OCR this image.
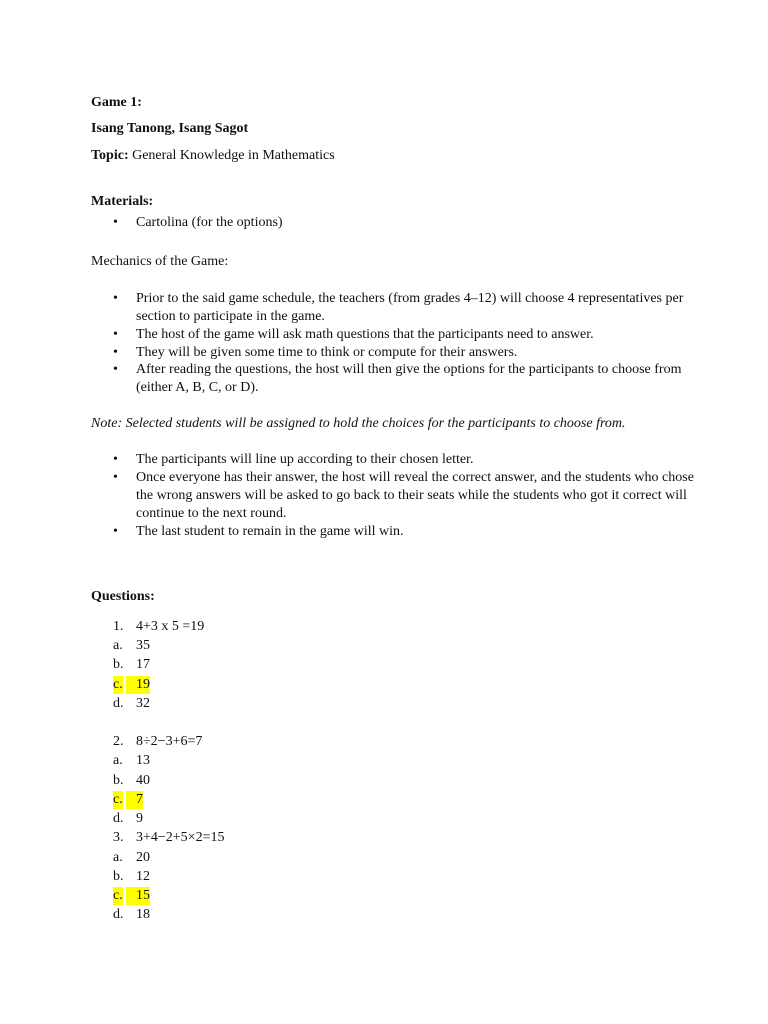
Game 1:
Isang Tanong, Isang Sagot
Topic: General Knowledge in Mathematics
Materials:
• Cartolina (for the options)
Mechanics of the Game:
• Prior to the said game schedule, the teachers (from grades 4–12) will choose 4 representatives per section to participate in the game.
• The host of the game will ask math questions that the participants need to answer.
• They will be given some time to think or compute for their answers.
• After reading the questions, the host will then give the options for the participants to choose from (either A, B, C, or D).
Note: Selected students will be assigned to hold the choices for the participants to choose from.
• The participants will line up according to their chosen letter.
• Once everyone has their answer, the host will reveal the correct answer, and the students who chose the wrong answers will be asked to go back to their seats while the students who got it correct will continue to the next round.
• The last student to remain in the game will win.
Questions:
1. 4+3 x 5 =19
a. 35
b. 17
c.
19
d. 32
2. 8÷2−3+6=7
a. 13
b. 40
c.
7
d. 9
3. 3+4−2+5×2=15
a. 20
b. 12
c.
15
d. 18
